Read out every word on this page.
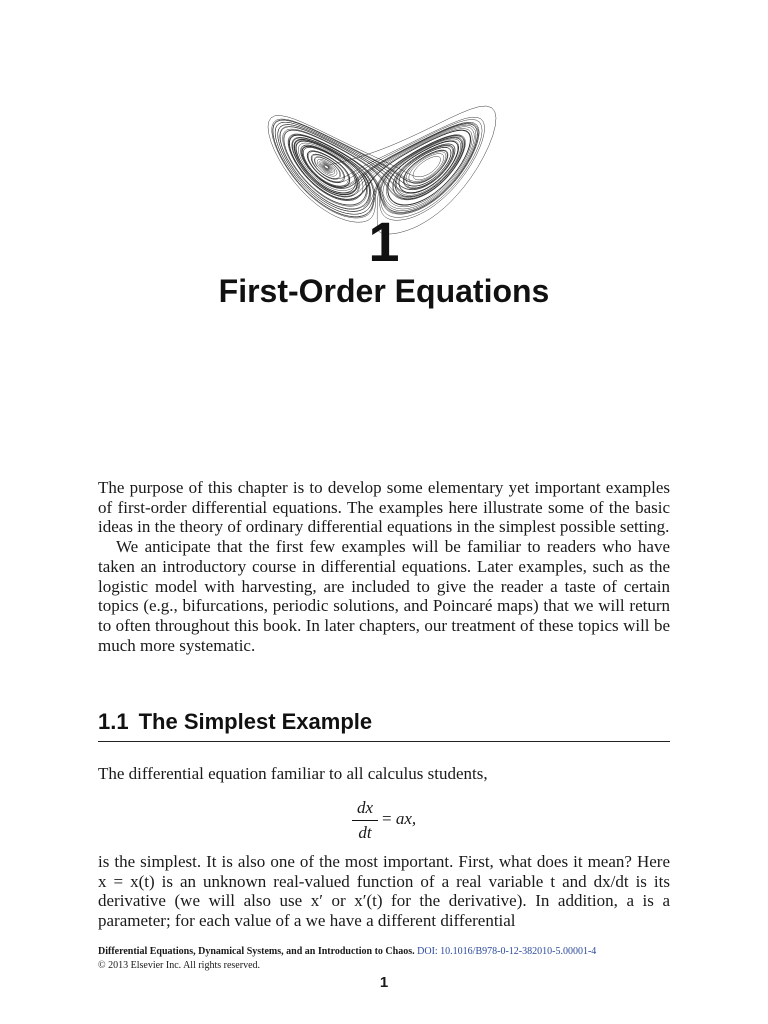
1
First-Order Equations

The purpose of this chapter is to develop some elementary yet important examples of first-order differential equations. The examples here illustrate some of the basic ideas in the theory of ordinary differential equations in the simplest possible setting.

We anticipate that the first few examples will be familiar to readers who have taken an introductory course in differential equations. Later examples, such as the logistic model with harvesting, are included to give the reader a taste of certain topics (e.g., bifurcations, periodic solutions, and Poincaré maps) that we will return to often throughout this book. In later chapters, our treatment of these topics will be much more systematic.

1.1 The Simplest Example

The differential equation familiar to all calculus students,

dx
dt
= ax,

is the simplest. It is also one of the most important. First, what does it mean? Here x = x(t) is an unknown real-valued function of a real variable t and dx/dt is its derivative (we will also use x′ or x′(t) for the derivative). In addition, a is a parameter; for each value of a we have a different differential

Differential Equations, Dynamical Systems, and an Introduction to Chaos. DOI: 10.1016/B978-0-12-382010-5.00001-4
© 2013 Elsevier Inc. All rights reserved.
1
